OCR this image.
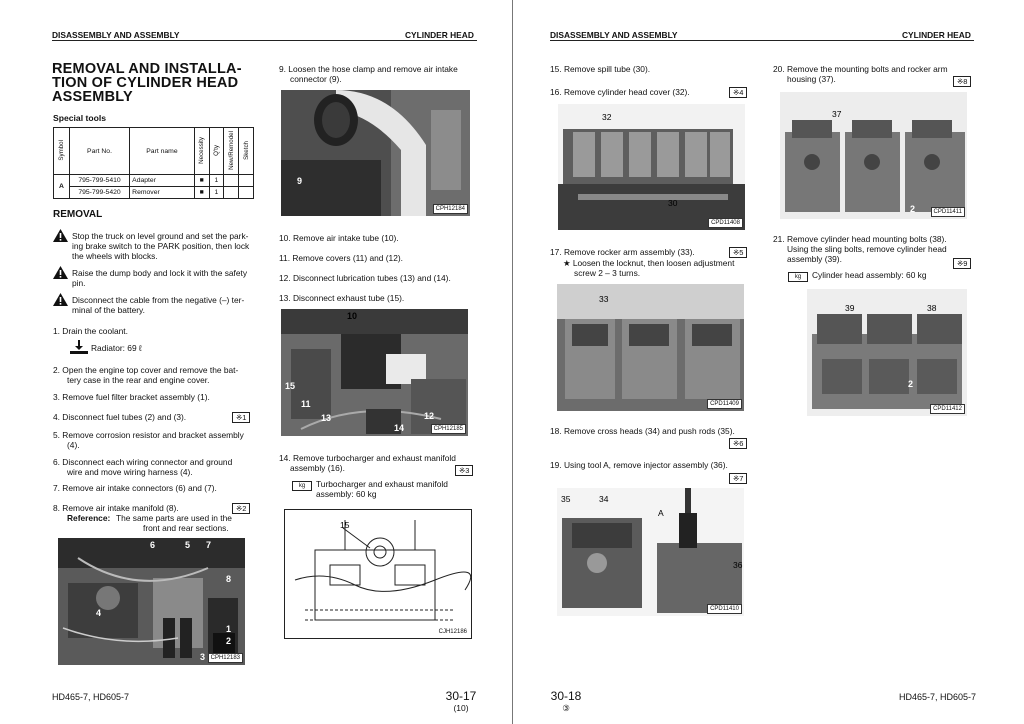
DISASSEMBLY AND ASSEMBLY	CYLINDER HEAD
REMOVAL AND INSTALLA-
TION OF CYLINDER HEAD
ASSEMBLY
Special tools
Symbol	Part No.	Part name	Necessity	Q'ty	New/Remodel	Sketch
A	795-799-5410	Adapter	■	1		
	795-799-5420	Remover	■	1		
REMOVAL
Stop the truck on level ground and set the park-
ing brake switch to the PARK position, then lock
the wheels with blocks.
Raise the dump body and lock it with the safety
pin.
Disconnect the cable from the negative (–) ter-
minal of the battery.
1. Drain the coolant.
Radiator: 69 ℓ
2. Open the engine top cover and remove the bat-
tery case in the rear and engine cover.
3. Remove fuel filter bracket assembly (1).
4. Disconnect fuel tubes (2) and (3).	※1
5. Remove corrosion resistor and bracket assembly
(4).
6. Disconnect each wiring connector and ground
wire and move wiring harness (4).
7. Remove air intake connectors (6) and (7).
8. Remove air intake manifold (8).	※2
Reference: The same parts are used in the
front and rear sections.
6	5 7
8
4
1
2
3 CPH12183
9. Loosen the hose clamp and remove air intake
connector (9).
9
CPH12184
10. Remove air intake tube (10).
11. Remove covers (11) and (12).
12. Disconnect lubrication tubes (13) and (14).
13. Disconnect exhaust tube (15).
10
15
11
13
14
12
CPH12185
14. Remove turbocharger and exhaust manifold
assembly (16).	※3
kg	Turbocharger and exhaust manifold
assembly: 60 kg
15
CJH12186
HD465-7, HD605-7	30-17
(10)
DISASSEMBLY AND ASSEMBLY	CYLINDER HEAD
15. Remove spill tube (30).
16. Remove cylinder head cover (32).	※4
32
30
CPD11408
17. Remove rocker arm assembly (33).	※5
★ Loosen the locknut, then loosen adjustment
screw 2 – 3 turns.
33
CPD11409
18. Remove cross heads (34) and push rods (35).
※6
19. Using tool A, remove injector assembly (36).
※7
35	34
A
36
CPD11410
20. Remove the mounting bolts and rocker arm
housing (37).	※8
37
2	CPD11411
21. Remove cylinder head mounting bolts (38).
Using the sling bolts, remove cylinder head
assembly (39).	※9
kg	Cylinder head assembly: 60 kg
39	38
2
CPD11412
30-18
③
HD465-7, HD605-7
